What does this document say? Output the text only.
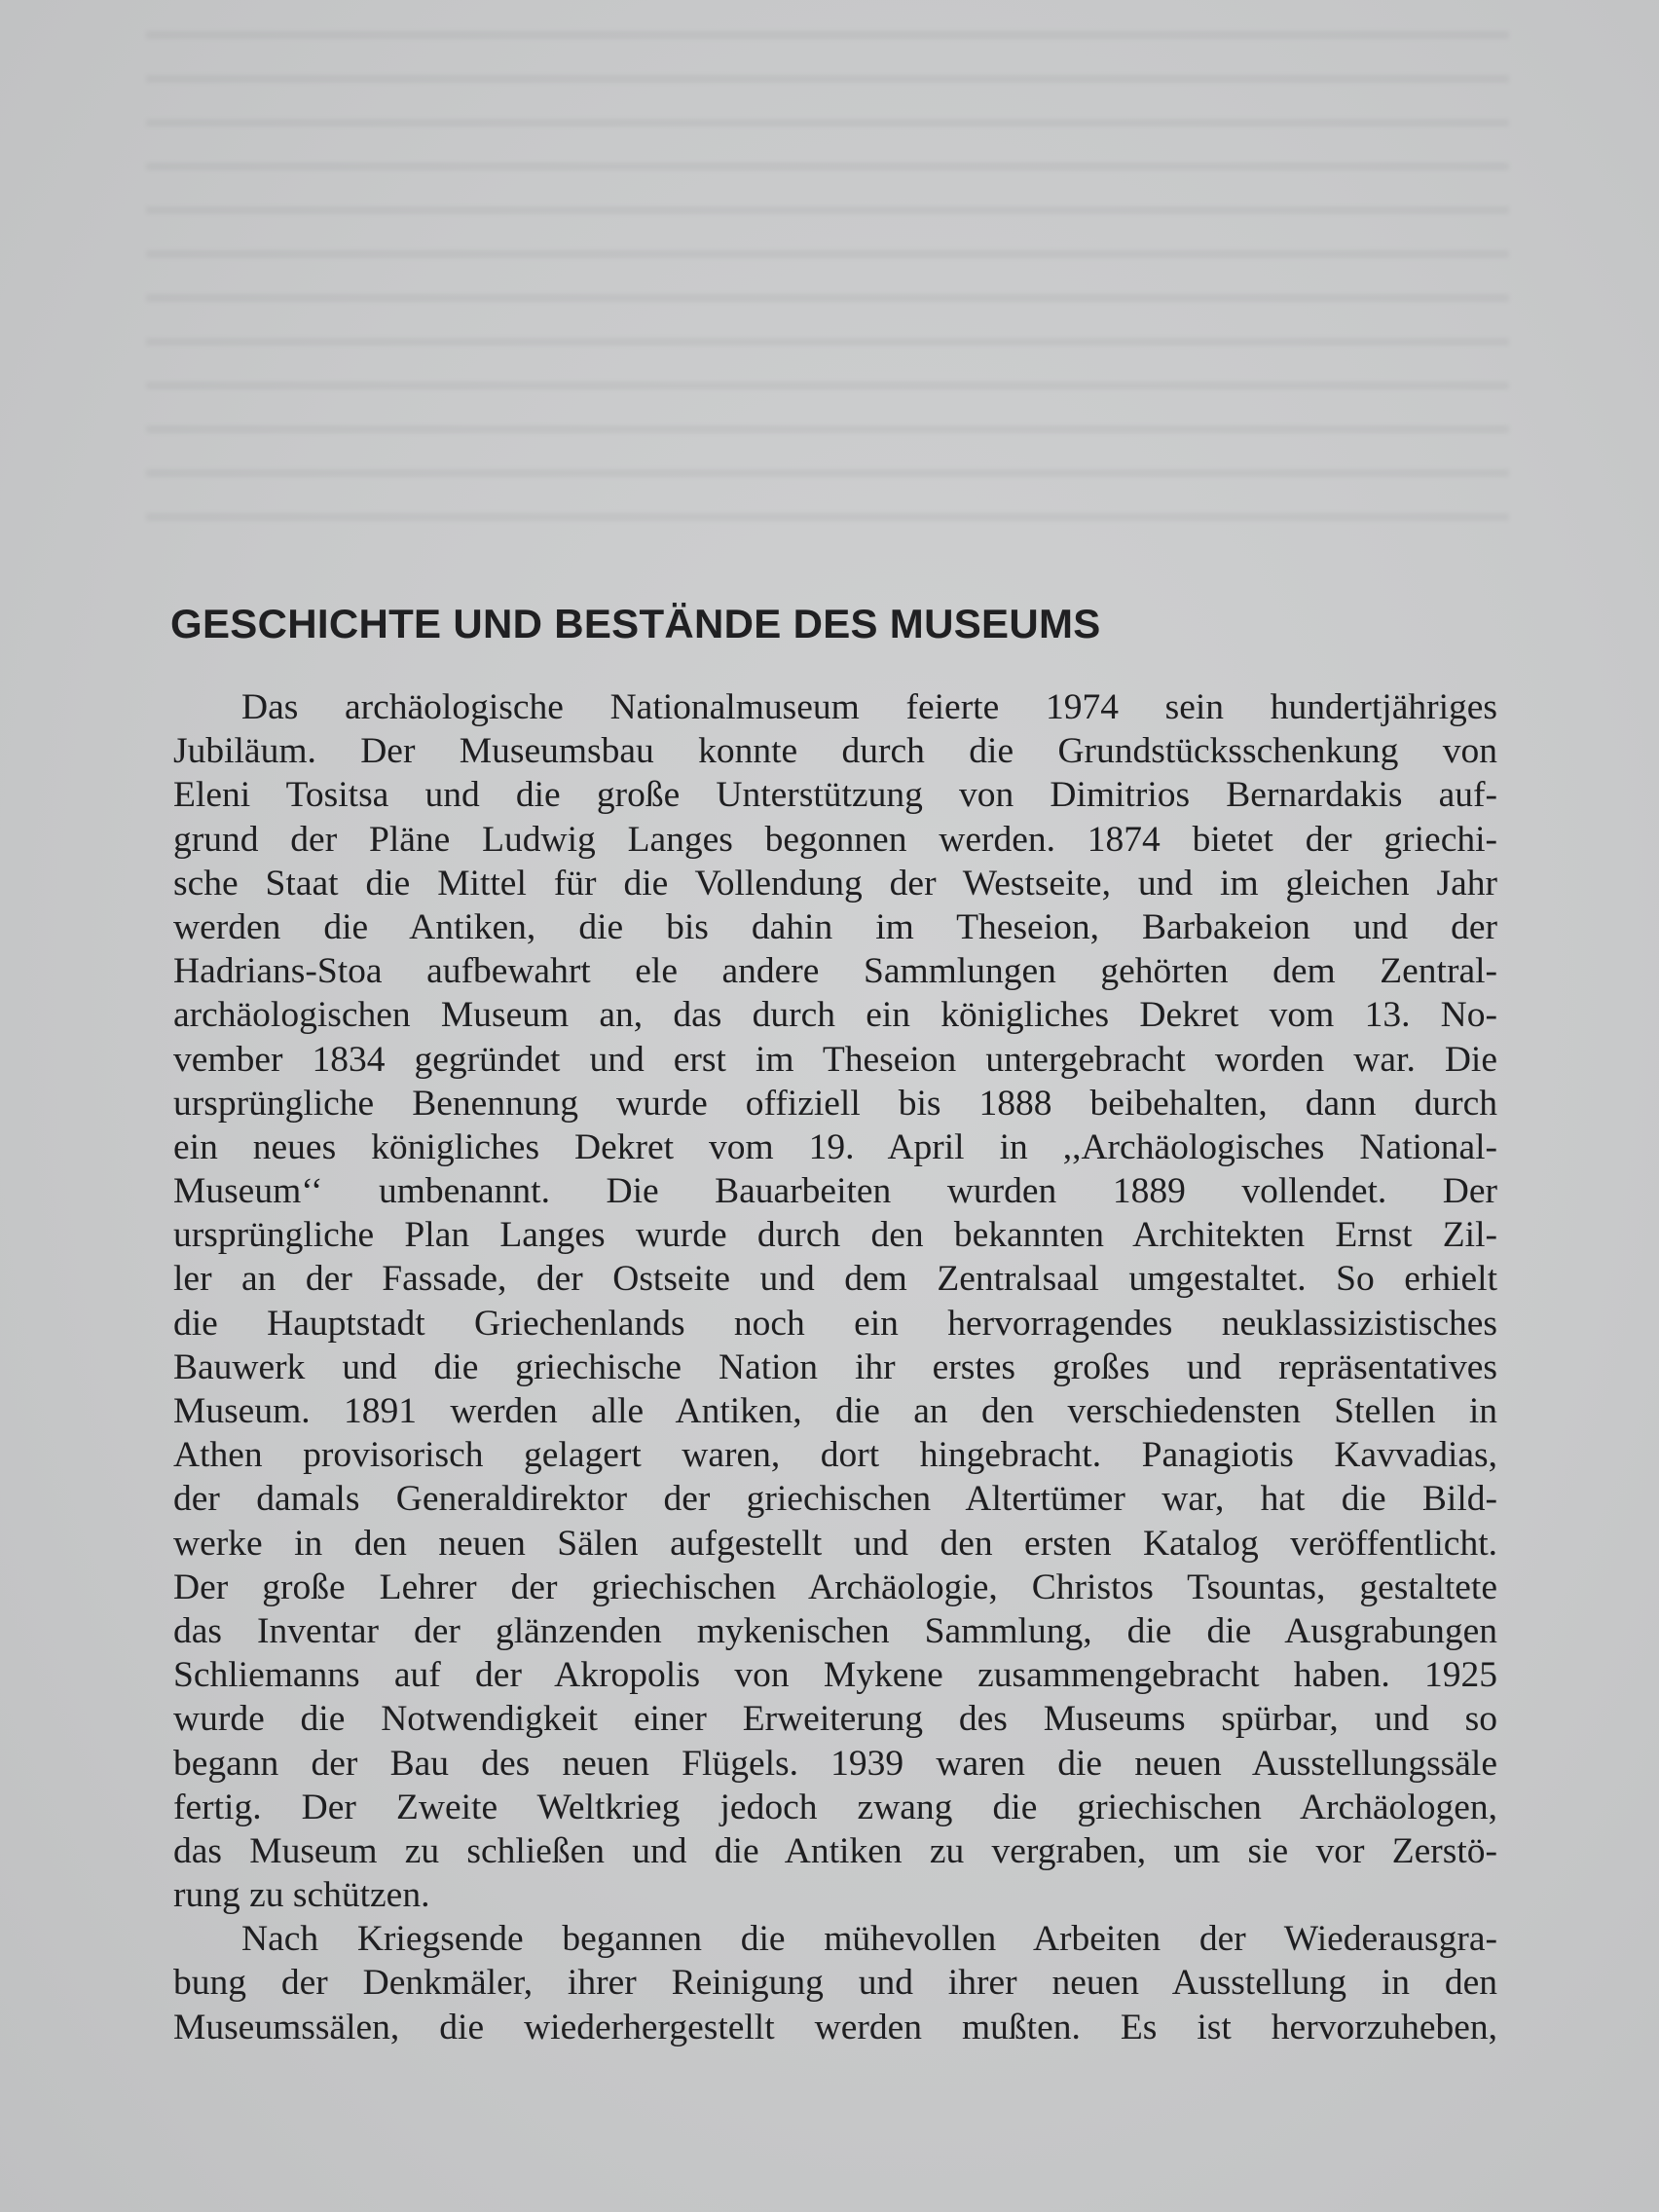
GESCHICHTE UND BESTÄNDE DES MUSEUMS
Das archäologische Nationalmuseum feierte 1974 sein hundertjähriges
Jubiläum. Der Museumsbau konnte durch die Grundstücksschenkung von
Eleni Tositsa und die große Unterstützung von Dimitrios Bernardakis auf-
grund der Pläne Ludwig Langes begonnen werden. 1874 bietet der griechi-
sche Staat die Mittel für die Vollendung der Westseite, und im gleichen Jahr
werden die Antiken, die bis dahin im Theseion, Barbakeion und der
Hadrians-Stoa aufbewahrt ele andere Sammlungen gehörten dem Zentral-
archäologischen Museum an, das durch ein königliches Dekret vom 13. No-
vember 1834 gegründet und erst im Theseion untergebracht worden war. Die
ursprüngliche Benennung wurde offiziell bis 1888 beibehalten, dann durch
ein neues königliches Dekret vom 19. April in ,,Archäologisches National-
Museum‘‘ umbenannt. Die Bauarbeiten wurden 1889 vollendet. Der
ursprüngliche Plan Langes wurde durch den bekannten Architekten Ernst Zil-
ler an der Fassade, der Ostseite und dem Zentralsaal umgestaltet. So erhielt
die Hauptstadt Griechenlands noch ein hervorragendes neuklassizistisches
Bauwerk und die griechische Nation ihr erstes großes und repräsentatives
Museum. 1891 werden alle Antiken, die an den verschiedensten Stellen in
Athen provisorisch gelagert waren, dort hingebracht. Panagiotis Kavvadias,
der damals Generaldirektor der griechischen Altertümer war, hat die Bild-
werke in den neuen Sälen aufgestellt und den ersten Katalog veröffentlicht.
Der große Lehrer der griechischen Archäologie, Christos Tsountas, gestaltete
das Inventar der glänzenden mykenischen Sammlung, die die Ausgrabungen
Schliemanns auf der Akropolis von Mykene zusammengebracht haben. 1925
wurde die Notwendigkeit einer Erweiterung des Museums spürbar, und so
begann der Bau des neuen Flügels. 1939 waren die neuen Ausstellungssäle
fertig. Der Zweite Weltkrieg jedoch zwang die griechischen Archäologen,
das Museum zu schließen und die Antiken zu vergraben, um sie vor Zerstö-
rung zu schützen.
Nach Kriegsende begannen die mühevollen Arbeiten der Wiederausgra-
bung der Denkmäler, ihrer Reinigung und ihrer neuen Ausstellung in den
Museumssälen, die wiederhergestellt werden mußten. Es ist hervorzuheben,
